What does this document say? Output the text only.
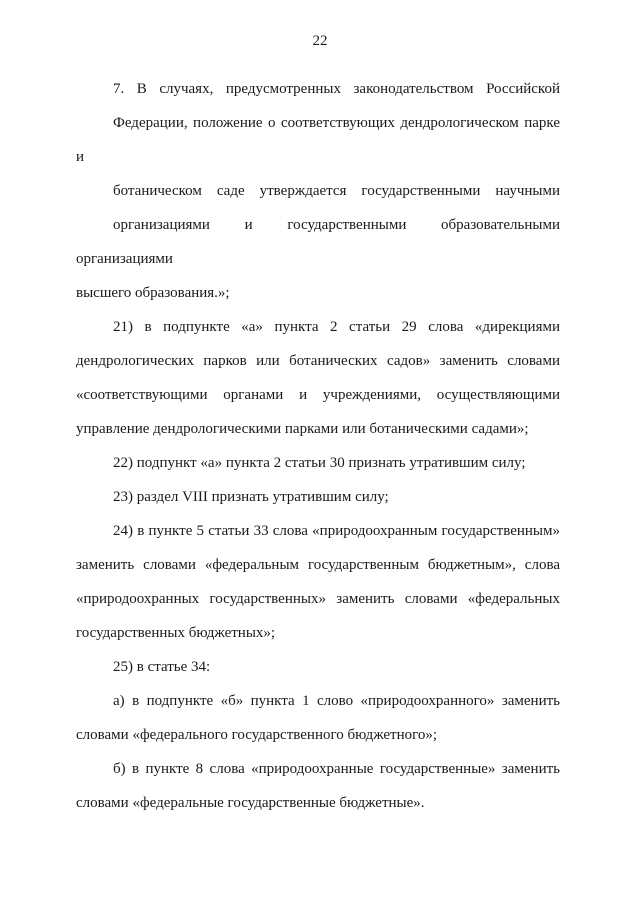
22
7. В случаях, предусмотренных законодательством Российской
Федерации, положение о соответствующих дендрологическом парке и
ботаническом саде утверждается государственными научными
организациями и государственными образовательными организациями
высшего образования.»;
21) в подпункте «а» пункта 2 статьи 29 слова «дирекциями
дендрологических парков или ботанических садов» заменить словами
«соответствующими органами и учреждениями, осуществляющими
управление дендрологическими парками или ботаническими садами»;
22) подпункт «а» пункта 2 статьи 30 признать утратившим силу;
23) раздел VIII признать утратившим силу;
24) в пункте 5 статьи 33 слова «природоохранным государственным»
заменить словами «федеральным государственным бюджетным», слова
«природоохранных государственных» заменить словами «федеральных
государственных бюджетных»;
25) в статье 34:
а) в подпункте «б» пункта 1 слово «природоохранного» заменить
словами «федерального государственного бюджетного»;
б) в пункте 8 слова «природоохранные государственные» заменить
словами «федеральные государственные бюджетные».
